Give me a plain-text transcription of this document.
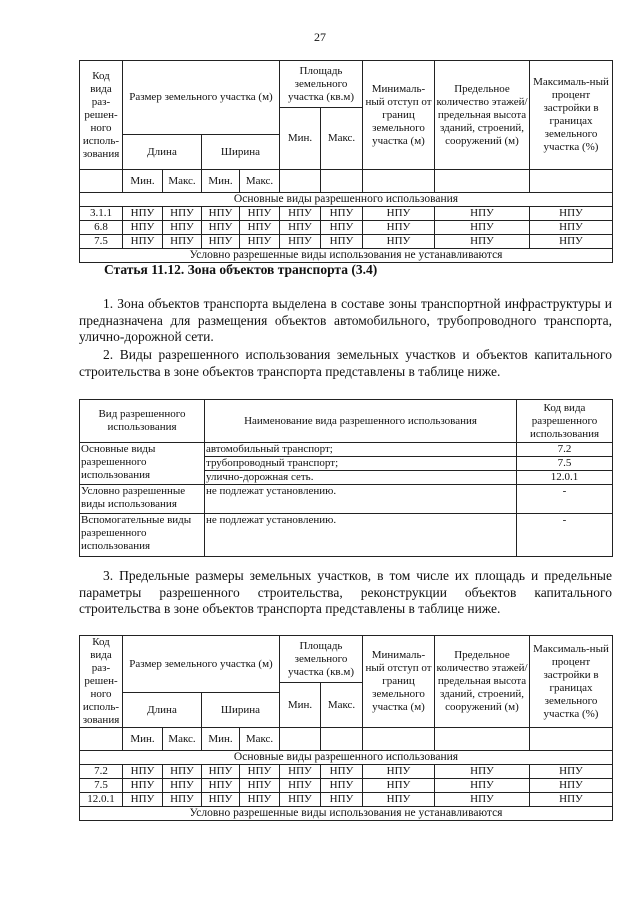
27
Код вида раз-решен-ного исполь-зования	Размер земельного участка (м)				Площадь земельного участка (кв.м)		Минималь-ный отступ от границ земельного участка (м)	Предельное количество этажей/ предельная высота зданий, строений, сооружений (м)	Максималь-ный процент застройки в границах земельного участка (%)
					Мин.	Макс.			
	Длина		Ширина						
	Мин.	Макс.	Мин.	Макс.					
Основные виды разрешенного использования									
3.1.1	НПУ	НПУ	НПУ	НПУ	НПУ	НПУ	НПУ	НПУ	НПУ
6.8	НПУ	НПУ	НПУ	НПУ	НПУ	НПУ	НПУ	НПУ	НПУ
7.5	НПУ	НПУ	НПУ	НПУ	НПУ	НПУ	НПУ	НПУ	НПУ
Условно разрешенные виды использования не устанавливаются									
Статья 11.12. Зона объектов транспорта (3.4)

1. Зона объектов транспорта выделена в составе зоны транспортной инфраструктуры и предназначена для размещения объектов автомобильного, трубопроводного транспорта, улично-дорожной сети.

2. Виды разрешенного использования земельных участков и объектов капитального строительства в зоне объектов транспорта представлены в таблице ниже.

Вид разрешенного использования	Наименование вида разрешенного использования	Код вида разрешенного использования
Основные виды разрешенного использования	автомобильный транспорт;	7.2
	трубопроводный транспорт;	7.5
	улично-дорожная сеть.	12.0.1
Условно разрешенные виды использования	не подлежат установлению.	-
Вспомогательные виды разрешенного использования	не подлежат установлению.	-

3. Предельные размеры земельных участков, в том числе их площадь и предельные параметры разрешенного строительства, реконструкции объектов капитального строительства в зоне объектов транспорта представлены в таблице ниже.

Код вида раз-решен-ного исполь-зования	Размер земельного участка (м)				Площадь земельного участка (кв.м)		Минималь-ный отступ от границ земельного участка (м)	Предельное количество этажей/ предельная высота зданий, строений, сооружений (м)	Максималь-ный процент застройки в границах земельного участка (%)
					Мин.	Макс.			
	Длина		Ширина						
	Мин.	Макс.	Мин.	Макс.					
Основные виды разрешенного использования									
7.2	НПУ	НПУ	НПУ	НПУ	НПУ	НПУ	НПУ	НПУ	НПУ
7.5	НПУ	НПУ	НПУ	НПУ	НПУ	НПУ	НПУ	НПУ	НПУ
12.0.1	НПУ	НПУ	НПУ	НПУ	НПУ	НПУ	НПУ	НПУ	НПУ
Условно разрешенные виды использования не устанавливаются									
